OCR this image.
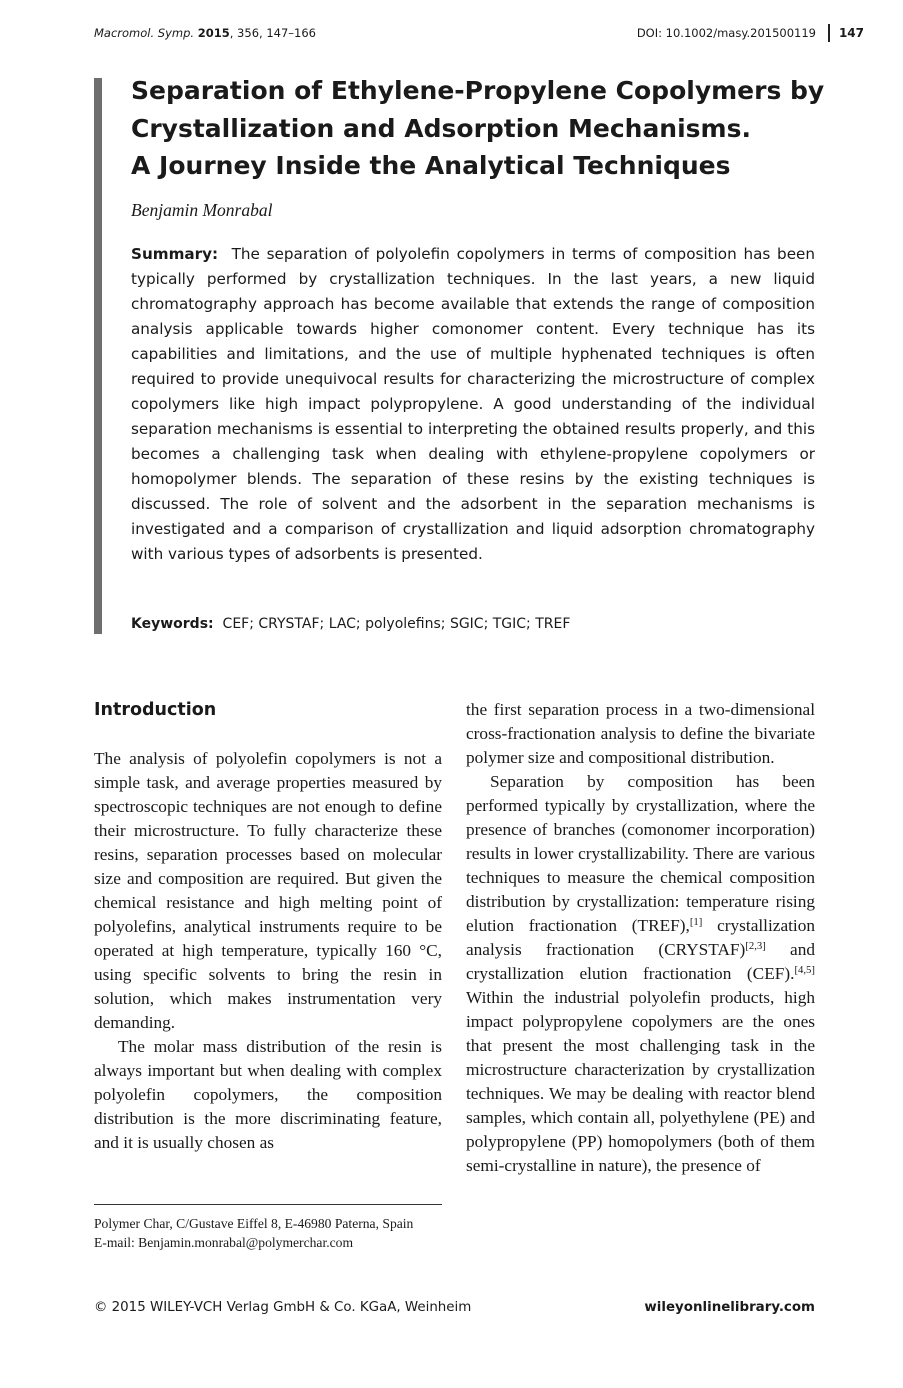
Macromol. Symp. 2015, 356, 147–166	DOI: 10.1002/masy.201500119 147
Separation of Ethylene-Propylene Copolymers by
Crystallization and Adsorption Mechanisms.
A Journey Inside the Analytical Techniques
Benjamin Monrabal

Summary: The separation of polyolefin copolymers in terms of composition has been typically performed by crystallization techniques. In the last years, a new liquid chromatography approach has become available that extends the range of composition analysis applicable towards higher comonomer content. Every technique has its capabilities and limitations, and the use of multiple hyphenated techniques is often required to provide unequivocal results for characterizing the microstructure of complex copolymers like high impact polypropylene. A good understanding of the individual separation mechanisms is essential to interpreting the obtained results properly, and this becomes a challenging task when dealing with ethylene-propylene copolymers or homopolymer blends. The separation of these resins by the existing techniques is discussed. The role of solvent and the adsorbent in the separation mechanisms is investigated and a comparison of crystallization and liquid adsorption chromatography with various types of adsorbents is presented.

Keywords: CEF; CRYSTAF; LAC; polyolefins; SGIC; TGIC; TREF
Introduction

The analysis of polyolefin copolymers is not a simple task, and average properties measured by spectroscopic techniques are not enough to define their microstructure. To fully characterize these resins, separation processes based on molecular size and composition are required. But given the chemical resistance and high melting point of polyolefins, analytical instruments require to be operated at high temperature, typically 160 °C, using specific solvents to bring the resin in solution, which makes instrumentation very demanding.

The molar mass distribution of the resin is always important but when dealing with complex polyolefin copolymers, the composition distribution is the more discriminating feature, and it is usually chosen as

the first separation process in a two-dimensional cross-fractionation analysis to define the bivariate polymer size and compositional distribution.

Separation by composition has been performed typically by crystallization, where the presence of branches (comonomer incorporation) results in lower crystallizability. There are various techniques to measure the chemical composition distribution by crystallization: temperature rising elution fractionation (TREF),[1] crystallization analysis fractionation (CRYSTAF)[2,3] and crystallization elution fractionation (CEF).[4,5] Within the industrial polyolefin products, high impact polypropylene copolymers are the ones that present the most challenging task in the microstructure characterization by crystallization techniques. We may be dealing with reactor blend samples, which contain all, polyethylene (PE) and polypropylene (PP) homopolymers (both of them semi-crystalline in nature), the presence of

Polymer Char, C/Gustave Eiffel 8, E-46980 Paterna, Spain
E-mail: Benjamin.monrabal@polymerchar.com

© 2015 WILEY-VCH Verlag GmbH & Co. KGaA, Weinheim	wileyonlinelibrary.com
